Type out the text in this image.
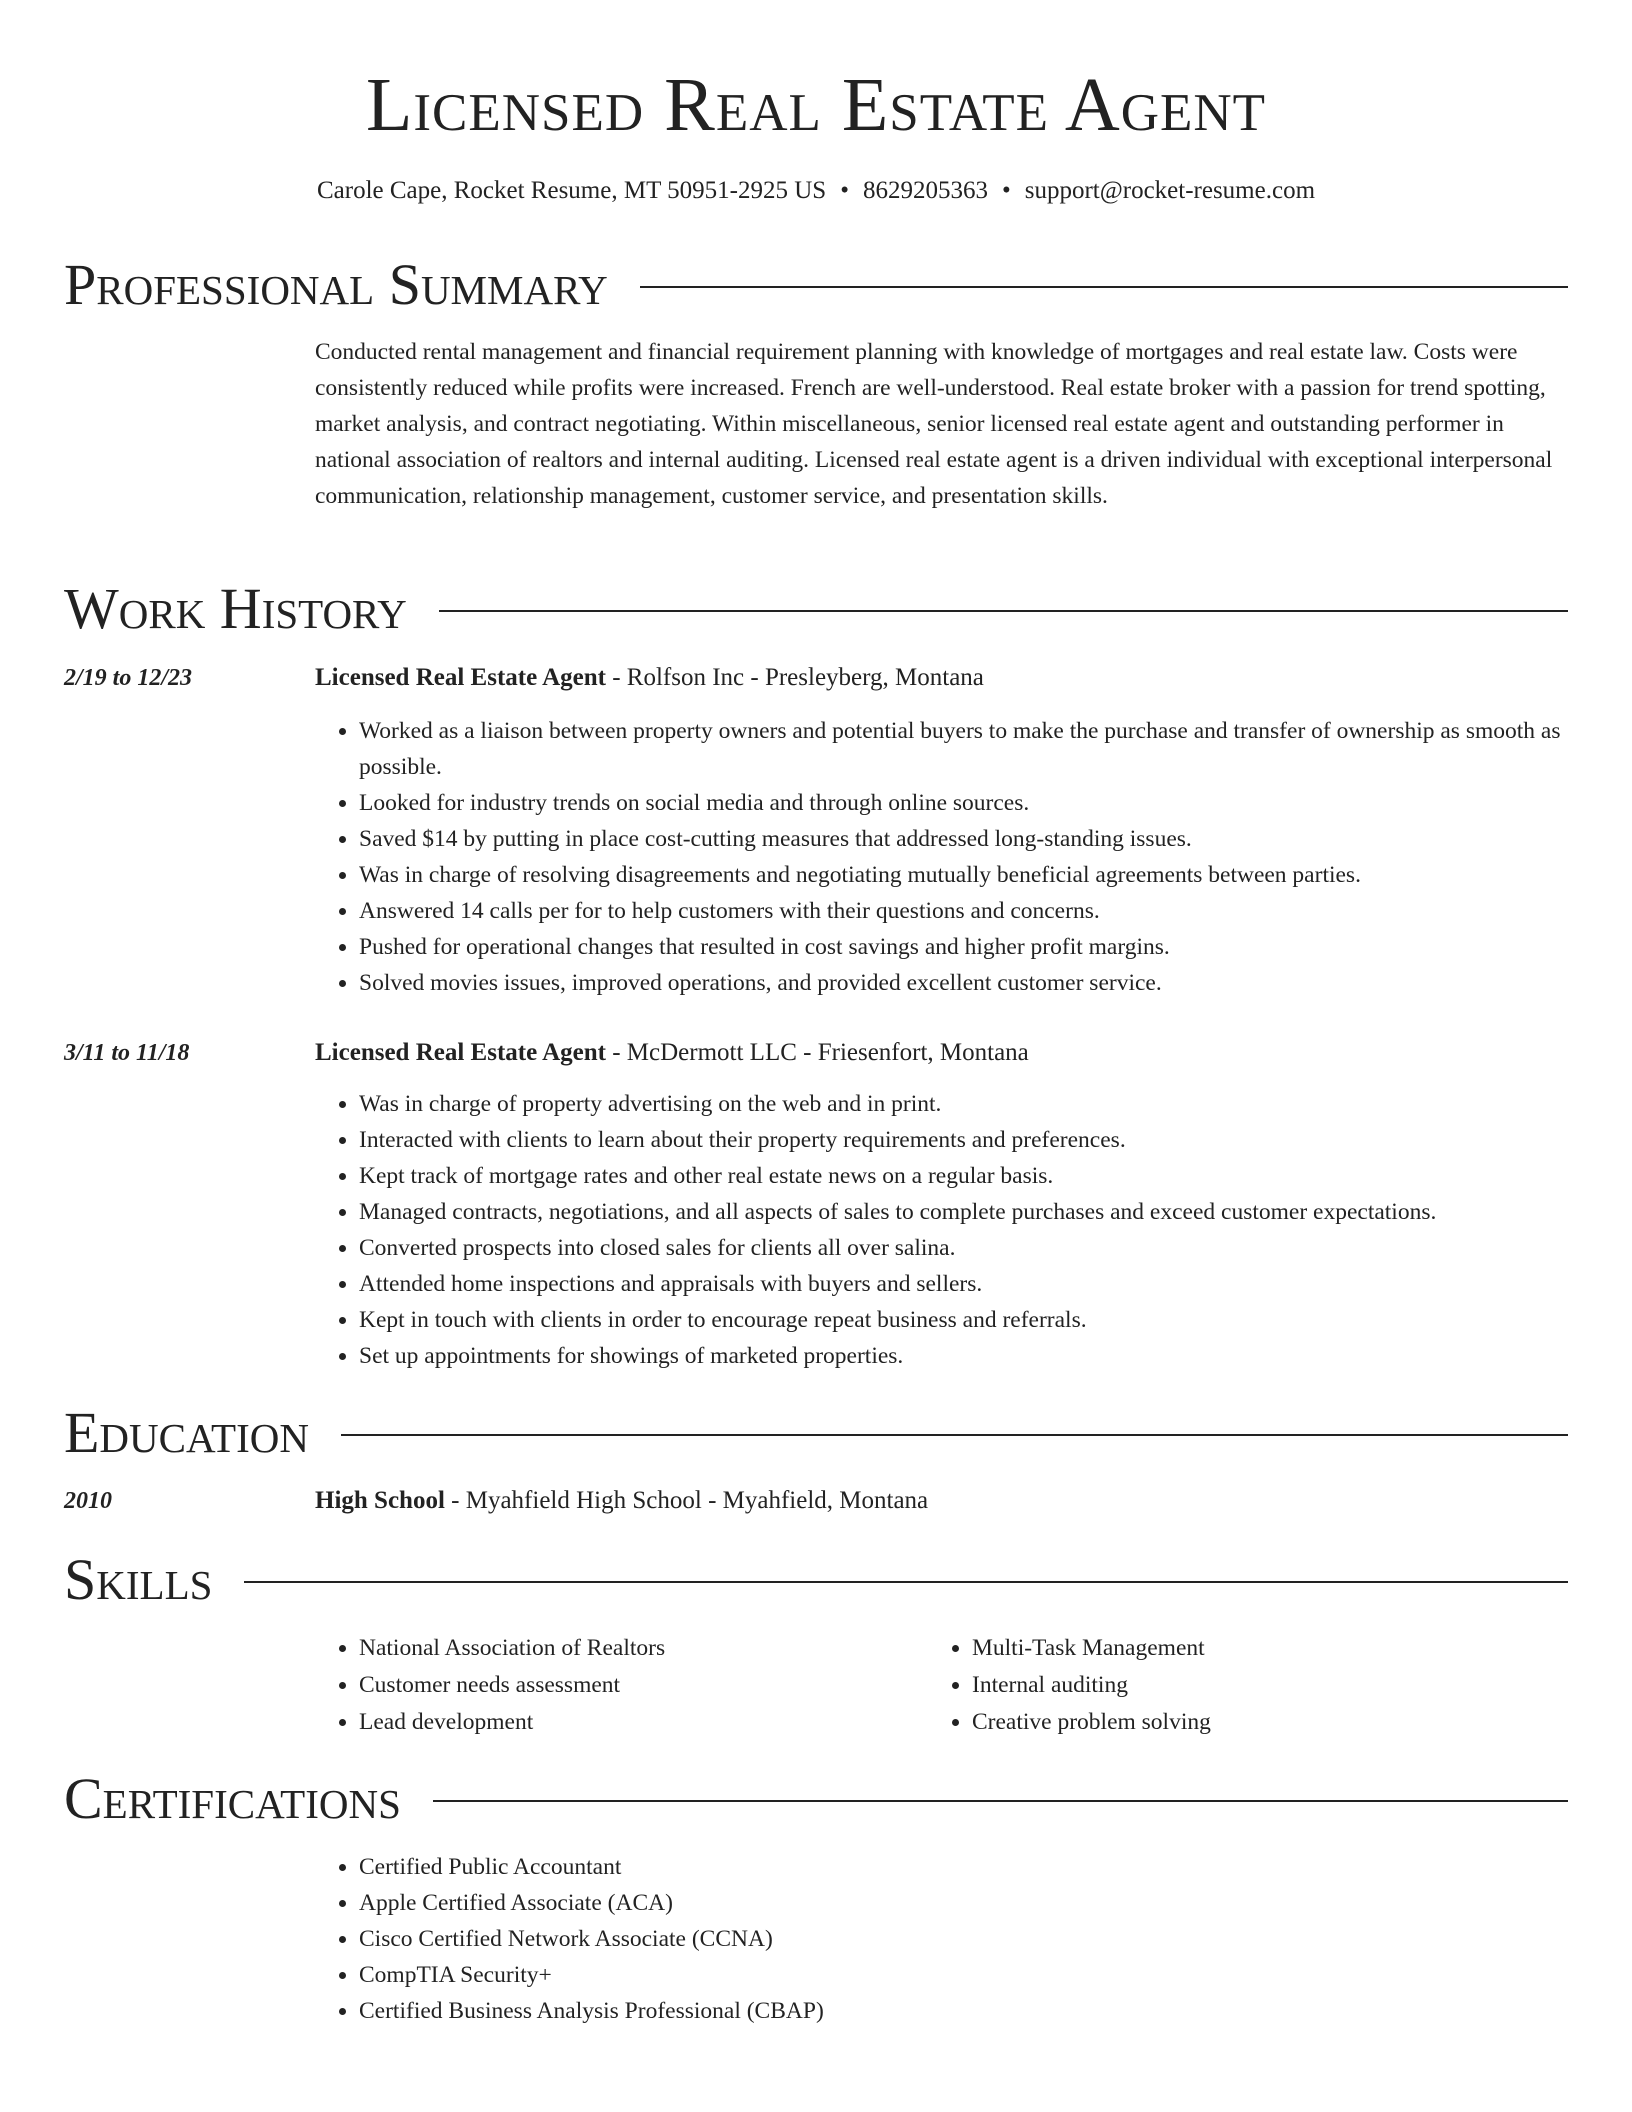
Licensed Real Estate Agent
Carole Cape, Rocket Resume, MT 50951-2925 US • 8629205363 • support@rocket-resume.com
Professional Summary

Conducted rental management and financial requirement planning with knowledge of mortgages and real estate law. Costs were consistently reduced while profits were increased. French are well-understood. Real estate broker with a passion for trend spotting, market analysis, and contract negotiating. Within miscellaneous, senior licensed real estate agent and outstanding performer in national association of realtors and internal auditing. Licensed real estate agent is a driven individual with exceptional interpersonal communication, relationship management, customer service, and presentation skills.

Work History
2/19 to 12/23	Licensed Real Estate Agent - Rolfson Inc - Presleyberg, Montana
• Worked as a liaison between property owners and potential buyers to make the purchase and transfer of ownership as smooth as possible.
• Looked for industry trends on social media and through online sources.
• Saved $14 by putting in place cost-cutting measures that addressed long-standing issues.
• Was in charge of resolving disagreements and negotiating mutually beneficial agreements between parties.
• Answered 14 calls per for to help customers with their questions and concerns.
• Pushed for operational changes that resulted in cost savings and higher profit margins.
• Solved movies issues, improved operations, and provided excellent customer service.
3/11 to 11/18	Licensed Real Estate Agent - McDermott LLC - Friesenfort, Montana
• Was in charge of property advertising on the web and in print.
• Interacted with clients to learn about their property requirements and preferences.
• Kept track of mortgage rates and other real estate news on a regular basis.
• Managed contracts, negotiations, and all aspects of sales to complete purchases and exceed customer expectations.
• Converted prospects into closed sales for clients all over salina.
• Attended home inspections and appraisals with buyers and sellers.
• Kept in touch with clients in order to encourage repeat business and referrals.
• Set up appointments for showings of marketed properties.
Education
2010	High School - Myahfield High School - Myahfield, Montana
Skills
• National Association of Realtors
• Customer needs assessment
• Lead development
• Multi-Task Management
• Internal auditing
• Creative problem solving
Certifications
• Certified Public Accountant
• Apple Certified Associate (ACA)
• Cisco Certified Network Associate (CCNA)
• CompTIA Security+
• Certified Business Analysis Professional (CBAP)
